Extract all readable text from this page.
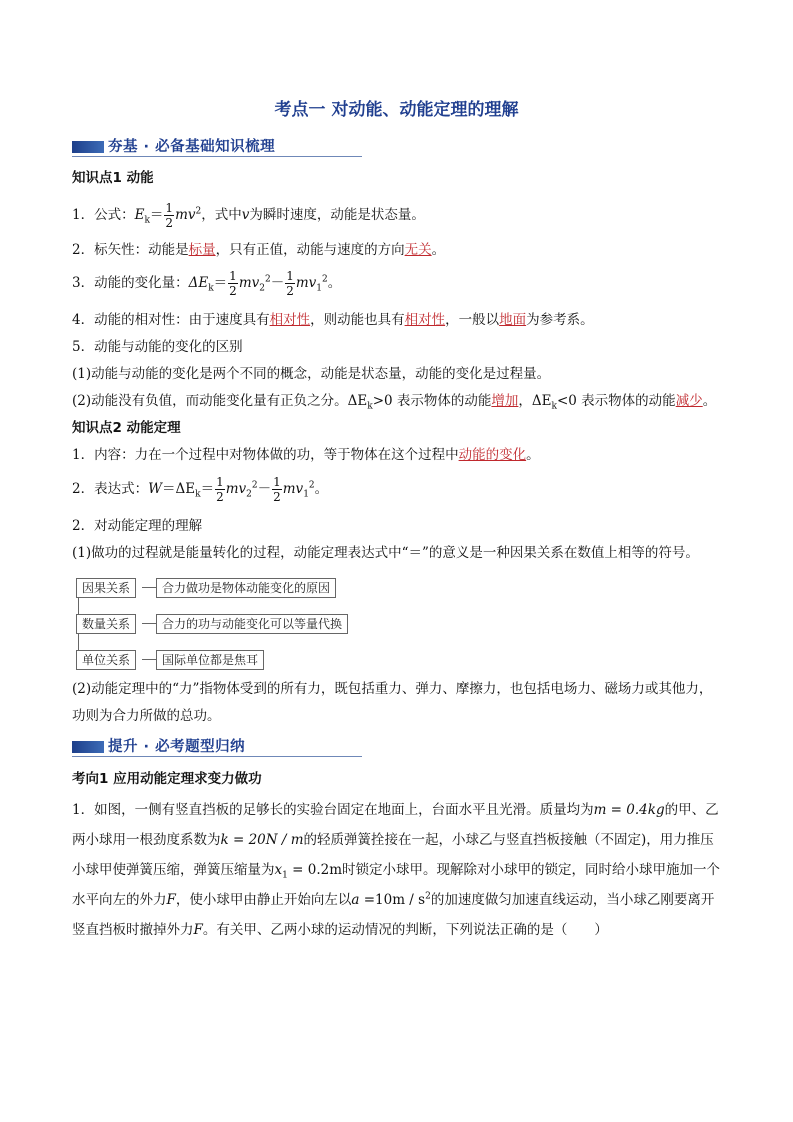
考点一 对动能、动能定理的理解
夯基 · 必备基础知识梳理
知识点1 动能
1．公式：$E_k= \frac{1}{2} mv^2$，式中v为瞬时速度，动能是状态量。
2．标矢性：动能是标量，只有正值，动能与速度的方向无关。
3．动能的变化量：$\Delta E_k= \frac{1}{2} mv_2^2- \frac{1}{2} mv_1^2$。
4．动能的相对性：由于速度具有相对性，则动能也具有相对性，一般以地面为参考系。
5．动能与动能的变化的区别
(1)动能与动能的变化是两个不同的概念，动能是状态量，动能的变化是过程量。
(2)动能没有负值，而动能变化量有正负之分。$\Delta E_k>0$ 表示物体的动能增加，$\Delta E_k<0$ 表示物体的动能减少。
知识点2 动能定理
1．内容：力在一个过程中对物体做的功，等于物体在这个过程中动能的变化。
2．表达式：$W=\Delta E_k= \frac{1}{2} mv_2^2- \frac{1}{2} mv_1^2$。
2．对动能定理的理解
(1)做功的过程就是能量转化的过程，动能定理表达式中“＝”的意义是一种因果关系在数值上相等的符号。
因果关系	合力做功是物体动能变化的原因
数量关系	合力的功与动能变化可以等量代换
单位关系	国际单位都是焦耳
(2)动能定理中的“力”指物体受到的所有力，既包括重力、弹力、摩擦力，也包括电场力、磁场力或其他力，功则为合力所做的总功。
提升 · 必考题型归纳
考向1 应用动能定理求变力做功
1．如图，一侧有竖直挡板的足够长的实验台固定在地面上，台面水平且光滑。质量均为m = 0.4kg的甲、乙两小球用一根劲度系数为k = 20N / m的轻质弹簧拴接在一起，小球乙与竖直挡板接触（不固定)，用力推压小球甲使弹簧压缩，弹簧压缩量为$x_1 = 0.2m$时锁定小球甲。现解除对小球甲的锁定，同时给小球甲施加一个水平向左的外力F，使小球甲由静止开始向左以$a =10m / s^2$的加速度做匀加速直线运动，当小球乙刚要离开竖直挡板时撤掉外力F。有关甲、乙两小球的运动情况的判断，下列说法正确的是（　　）
